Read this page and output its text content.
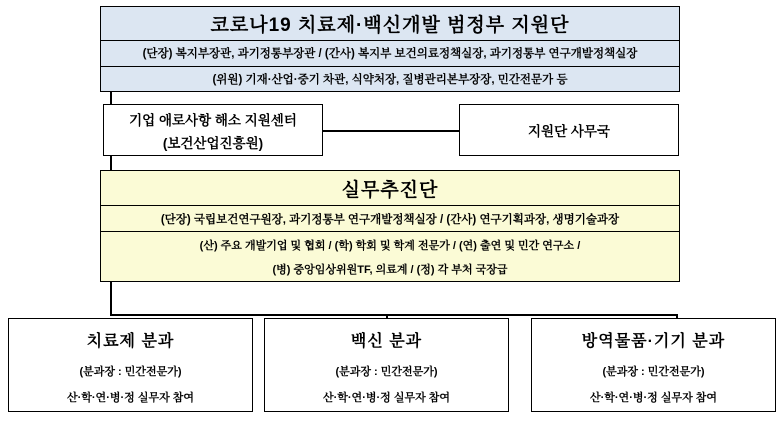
코로나19 치료제·백신개발 범정부 지원단
(단장) 복지부장관, 과기정통부장관 / (간사) 복지부 보건의료정책실장, 과기정통부 연구개발정책실장
(위원) 기재·산업·중기 차관, 식약처장, 질병관리본부장장, 민간전문가 등
기업 애로사항 해소 지원센터
(보건산업진흥원)
지원단 사무국
실무추진단
(단장) 국립보건연구원장, 과기정통부 연구개발정책실장 / (간사) 연구기획과장, 생명기술과장
(산) 주요 개발기업 및 협회 / (학) 학회 및 학계 전문가 / (연) 출연 및 민간 연구소 /
(병) 중앙임상위원TF, 의료계 / (정) 각 부처 국장급
치료제 분과
(분과장 : 민간전문가)
산·학·연·병·정 실무자 참여
백신 분과
(분과장 : 민간전문가)
산·학·연·병·정 실무자 참여
방역물품·기기 분과
(분과장 : 민간전문가)
산·학·연·병·정 실무자 참여
